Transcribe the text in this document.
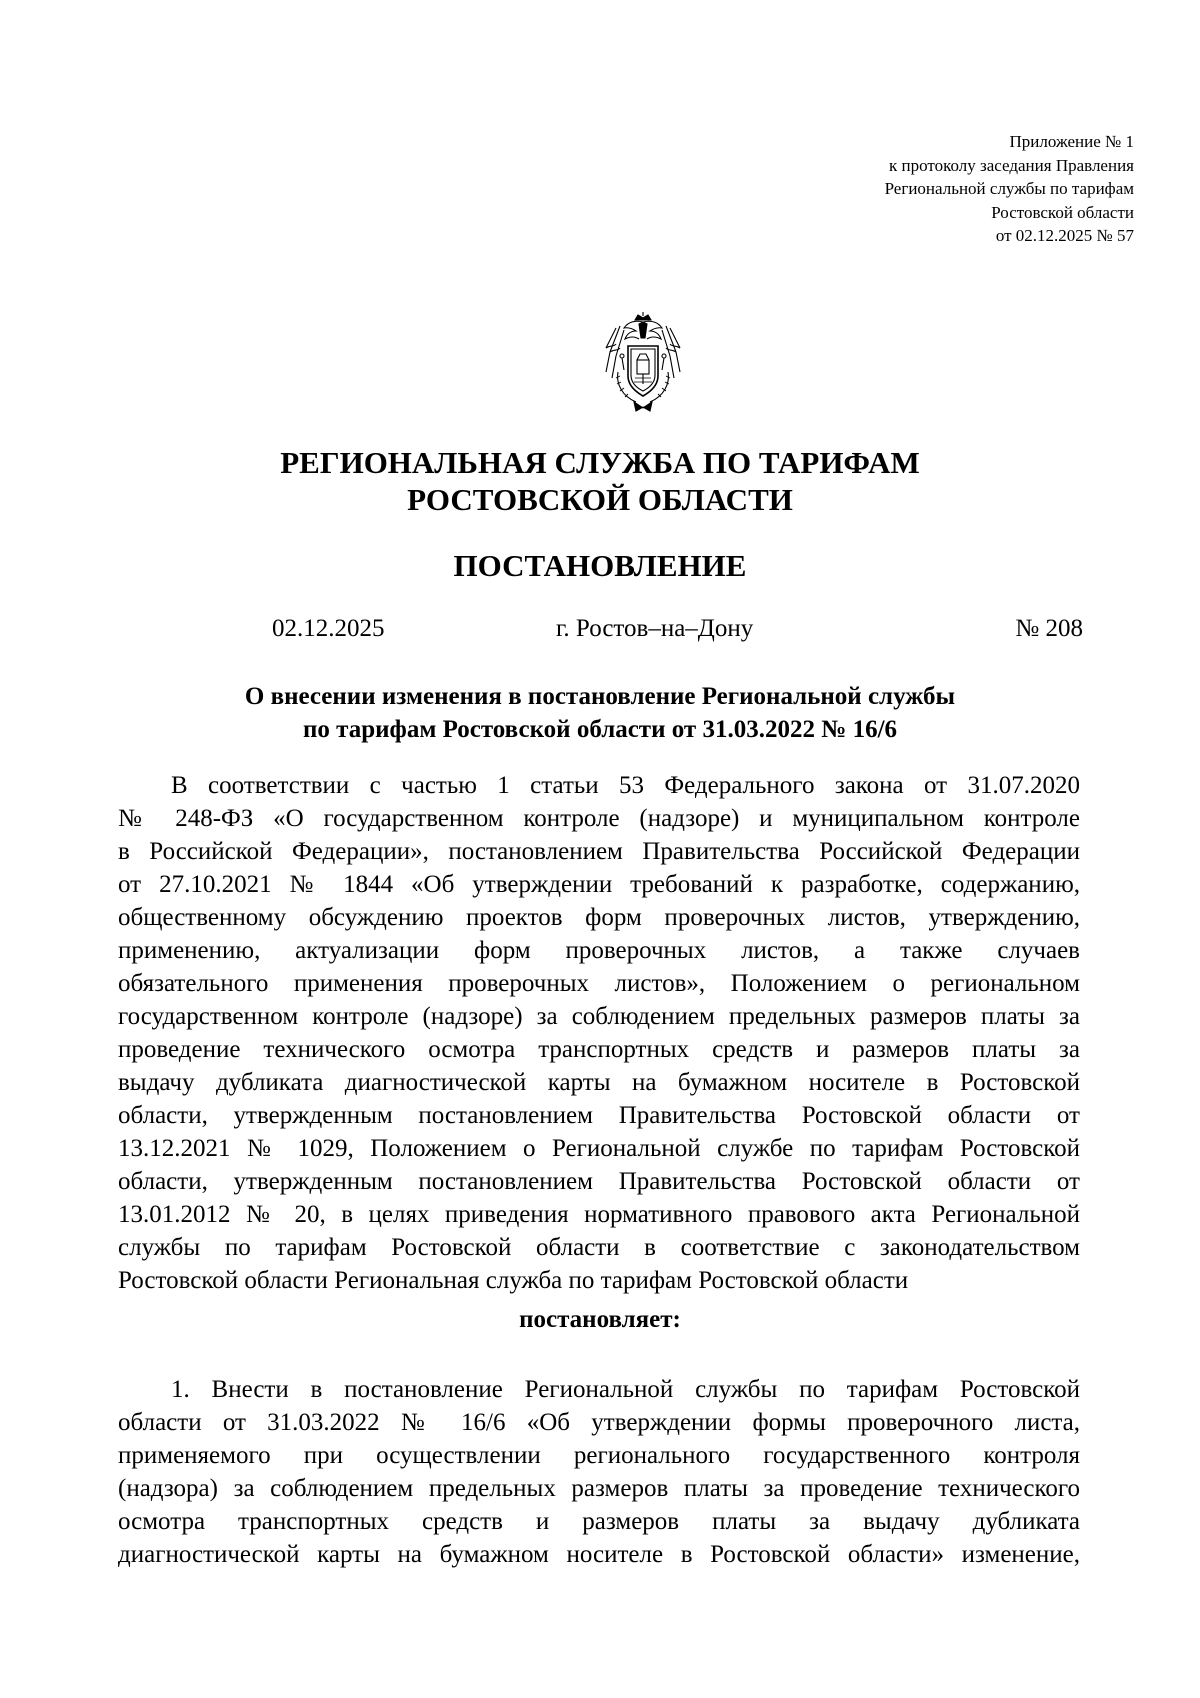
Приложение № 1
к протоколу заседания Правления
Региональной службы по тарифам
Ростовской области
от 02.12.2025 № 57
РЕГИОНАЛЬНАЯ СЛУЖБА ПО ТАРИФАМ
РОСТОВСКОЙ ОБЛАСТИ
ПОСТАНОВЛЕНИЕ
02.12.2025	г. Ростов–на–Дону	№ 208
О внесении изменения в постановление Региональной службы
по тарифам Ростовской области от 31.03.2022 № 16/6
В соответствии с частью 1 статьи 53 Федерального закона от 31.07.2020
№ 248-ФЗ «О государственном контроле (надзоре) и муниципальном контроле
в Российской Федерации», постановлением Правительства Российской Федерации
от 27.10.2021 № 1844 «Об утверждении требований к разработке, содержанию,
общественному обсуждению проектов форм проверочных листов, утверждению,
применению, актуализации форм проверочных листов, а также случаев
обязательного применения проверочных листов», Положением о региональном
государственном контроле (надзоре) за соблюдением предельных размеров платы за
проведение технического осмотра транспортных средств и размеров платы за
выдачу дубликата диагностической карты на бумажном носителе в Ростовской
области, утвержденным постановлением Правительства Ростовской области от
13.12.2021 № 1029, Положением о Региональной службе по тарифам Ростовской
области, утвержденным постановлением Правительства Ростовской области от
13.01.2012 № 20, в целях приведения нормативного правового акта Региональной
службы по тарифам Ростовской области в соответствие с законодательством
Ростовской области Региональная служба по тарифам Ростовской области
постановляет:
1. Внести в постановление Региональной службы по тарифам Ростовской
области от 31.03.2022 № 16/6 «Об утверждении формы проверочного листа,
применяемого при осуществлении регионального государственного контроля
(надзора) за соблюдением предельных размеров платы за проведение технического
осмотра транспортных средств и размеров платы за выдачу дубликата
диагностической карты на бумажном носителе в Ростовской области» изменение,
